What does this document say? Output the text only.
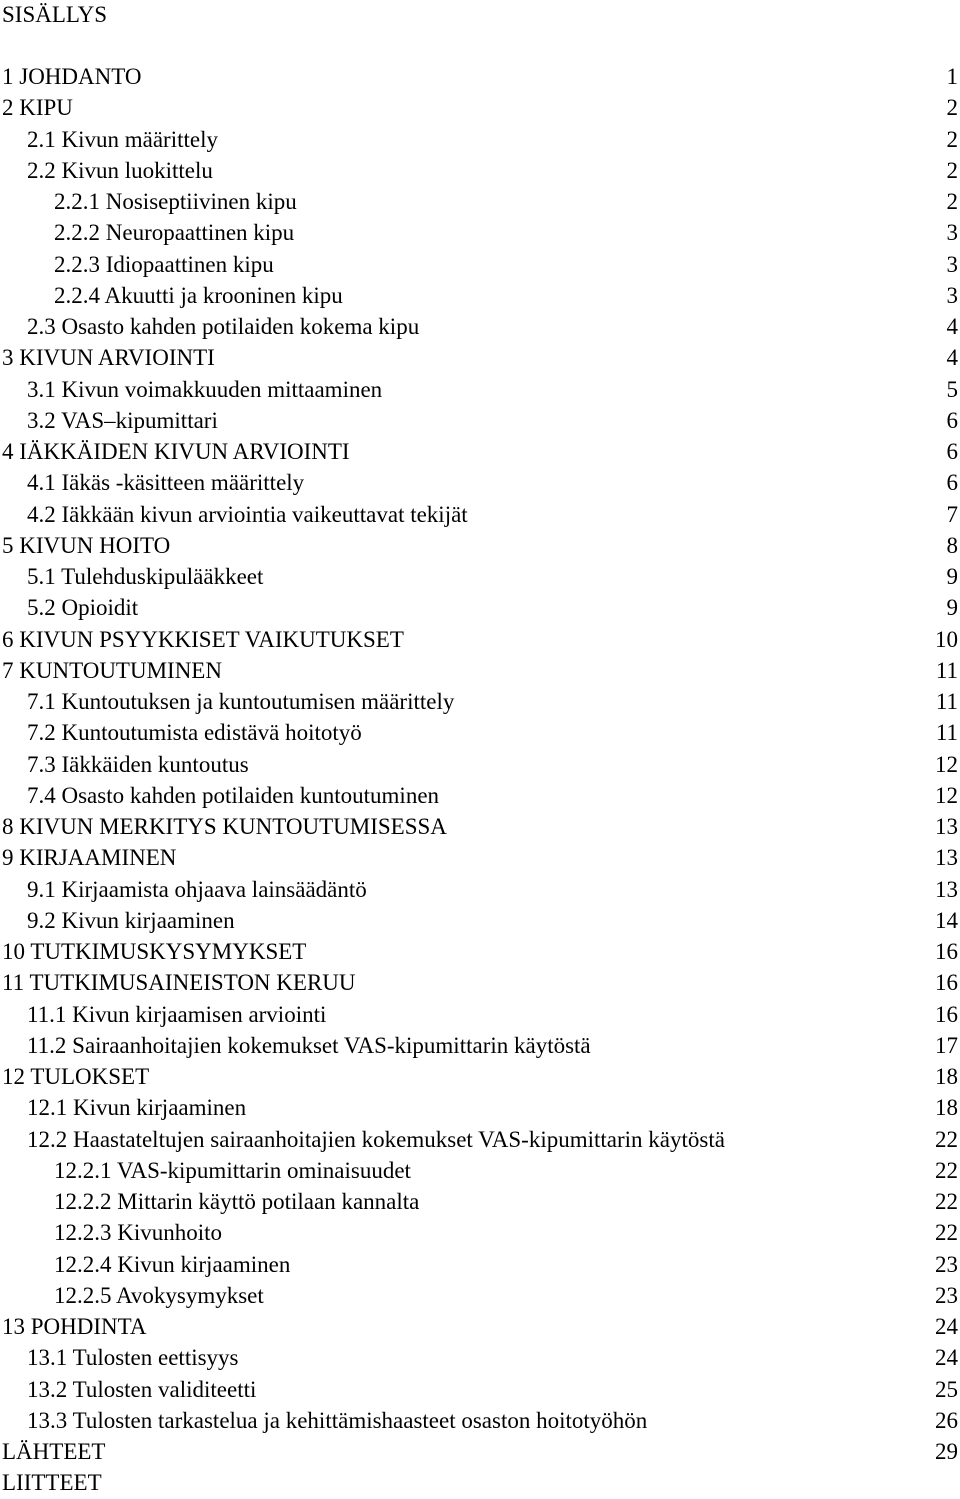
SISÄLLYS
1 JOHDANTO	1
2 KIPU	2
2.1 Kivun määrittely	2
2.2 Kivun luokittelu	2
2.2.1 Nosiseptiivinen kipu	2
2.2.2 Neuropaattinen kipu	3
2.2.3 Idiopaattinen kipu	3
2.2.4 Akuutti ja krooninen kipu	3
2.3 Osasto kahden potilaiden kokema kipu	4
3 KIVUN ARVIOINTI	4
3.1 Kivun voimakkuuden mittaaminen	5
3.2 VAS–kipumittari	6
4 IÄKKÄIDEN KIVUN ARVIOINTI	6
4.1 Iäkäs -käsitteen määrittely	6
4.2 Iäkkään kivun arviointia vaikeuttavat tekijät	7
5 KIVUN HOITO	8
5.1 Tulehduskipulääkkeet	9
5.2 Opioidit	9
6 KIVUN PSYYKKISET VAIKUTUKSET	10
7 KUNTOUTUMINEN	11
7.1 Kuntoutuksen ja kuntoutumisen määrittely	11
7.2 Kuntoutumista edistävä hoitotyö	11
7.3 Iäkkäiden kuntoutus	12
7.4 Osasto kahden potilaiden kuntoutuminen	12
8 KIVUN MERKITYS KUNTOUTUMISESSA	13
9 KIRJAAMINEN	13
9.1 Kirjaamista ohjaava lainsäädäntö	13
9.2 Kivun kirjaaminen	14
10 TUTKIMUSKYSYMYKSET	16
11 TUTKIMUSAINEISTON KERUU	16
11.1 Kivun kirjaamisen arviointi	16
11.2 Sairaanhoitajien kokemukset VAS-kipumittarin käytöstä	17
12 TULOKSET	18
12.1 Kivun kirjaaminen	18
12.2 Haastateltujen sairaanhoitajien kokemukset VAS-kipumittarin käytöstä	22
12.2.1 VAS-kipumittarin ominaisuudet	22
12.2.2 Mittarin käyttö potilaan kannalta	22
12.2.3 Kivunhoito	22
12.2.4 Kivun kirjaaminen	23
12.2.5 Avokysymykset	23
13 POHDINTA	24
13.1 Tulosten eettisyys	24
13.2 Tulosten validiteetti	25
13.3 Tulosten tarkastelua ja kehittämishaasteet osaston hoitotyöhön	26
LÄHTEET	29
LIITTEET
